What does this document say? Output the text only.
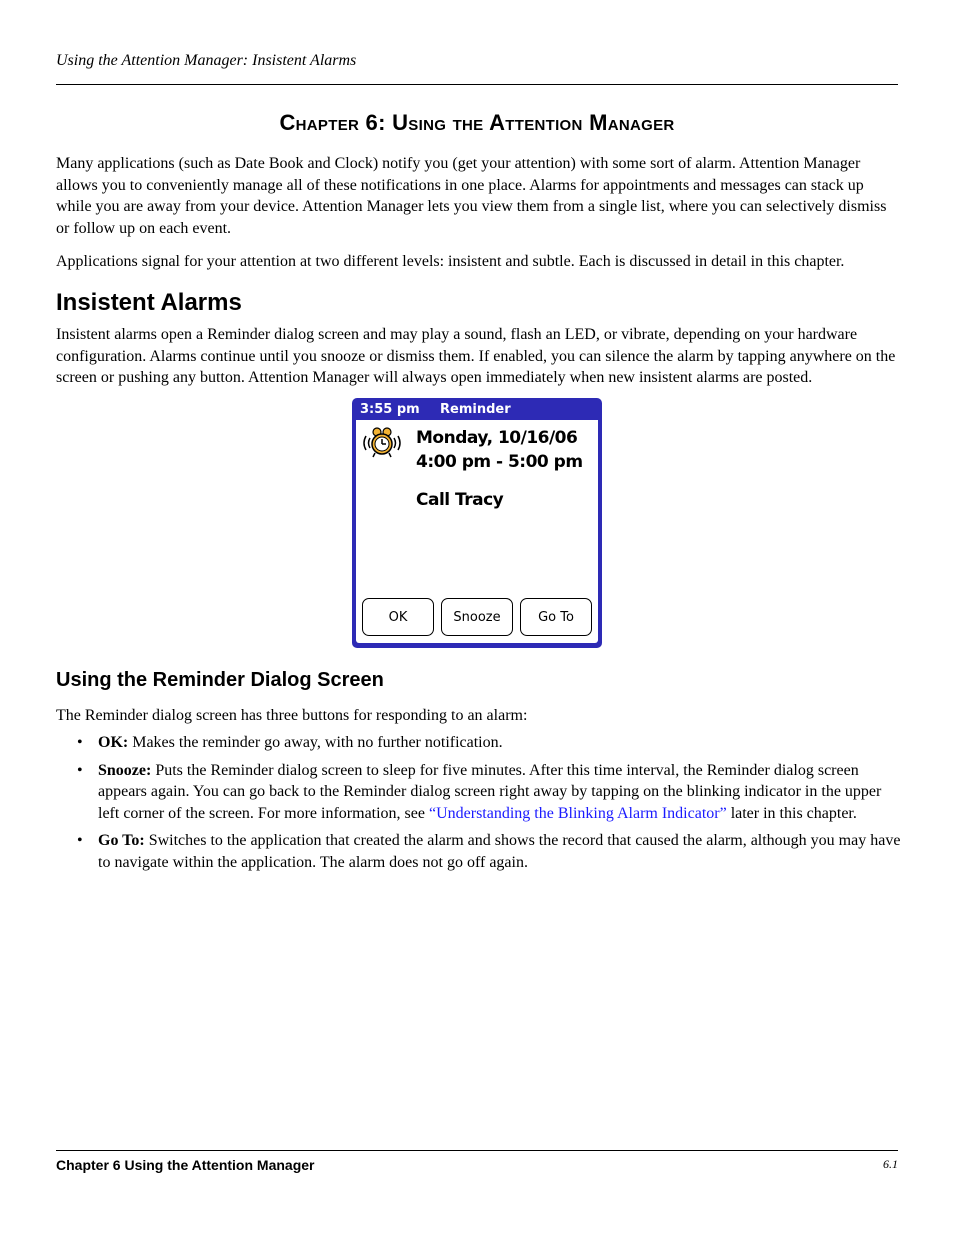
Using the Attention Manager: Insistent Alarms
Chapter 6: Using the Attention Manager

Many applications (such as Date Book and Clock) notify you (get your attention) with some sort of alarm. Attention Manager allows you to conveniently manage all of these notifications in one place. Alarms for appointments and messages can stack up while you are away from your device. Attention Manager lets you view them from a single list, where you can selectively dismiss or follow up on each event.

Applications signal for your attention at two different levels: insistent and subtle. Each is discussed in detail in this chapter.

Insistent Alarms

Insistent alarms open a Reminder dialog screen and may play a sound, flash an LED, or vibrate, depending on your hardware configuration. Alarms continue until you snooze or dismiss them. If enabled, you can silence the alarm by tapping anywhere on the screen or pushing any button. Attention Manager will always open immediately when new insistent alarms are posted.

3:55 pm Reminder
Monday, 10/16/06
4:00 pm - 5:00 pm
Call Tracy
OK	Snooze	Go To
Using the Reminder Dialog Screen

The Reminder dialog screen has three buttons for responding to an alarm:

• OK: Makes the reminder go away, with no further notification.
• Snooze: Puts the Reminder dialog screen to sleep for five minutes. After this time interval, the Reminder dialog screen appears again. You can go back to the Reminder dialog screen right away by tapping on the blinking indicator in the upper left corner of the screen. For more information, see “Understanding the Blinking Alarm Indicator” later in this chapter.
• Go To: Switches to the application that created the alarm and shows the record that caused the alarm, although you may have to navigate within the application. The alarm does not go off again.
Chapter 6 Using the Attention Manager	6.1
